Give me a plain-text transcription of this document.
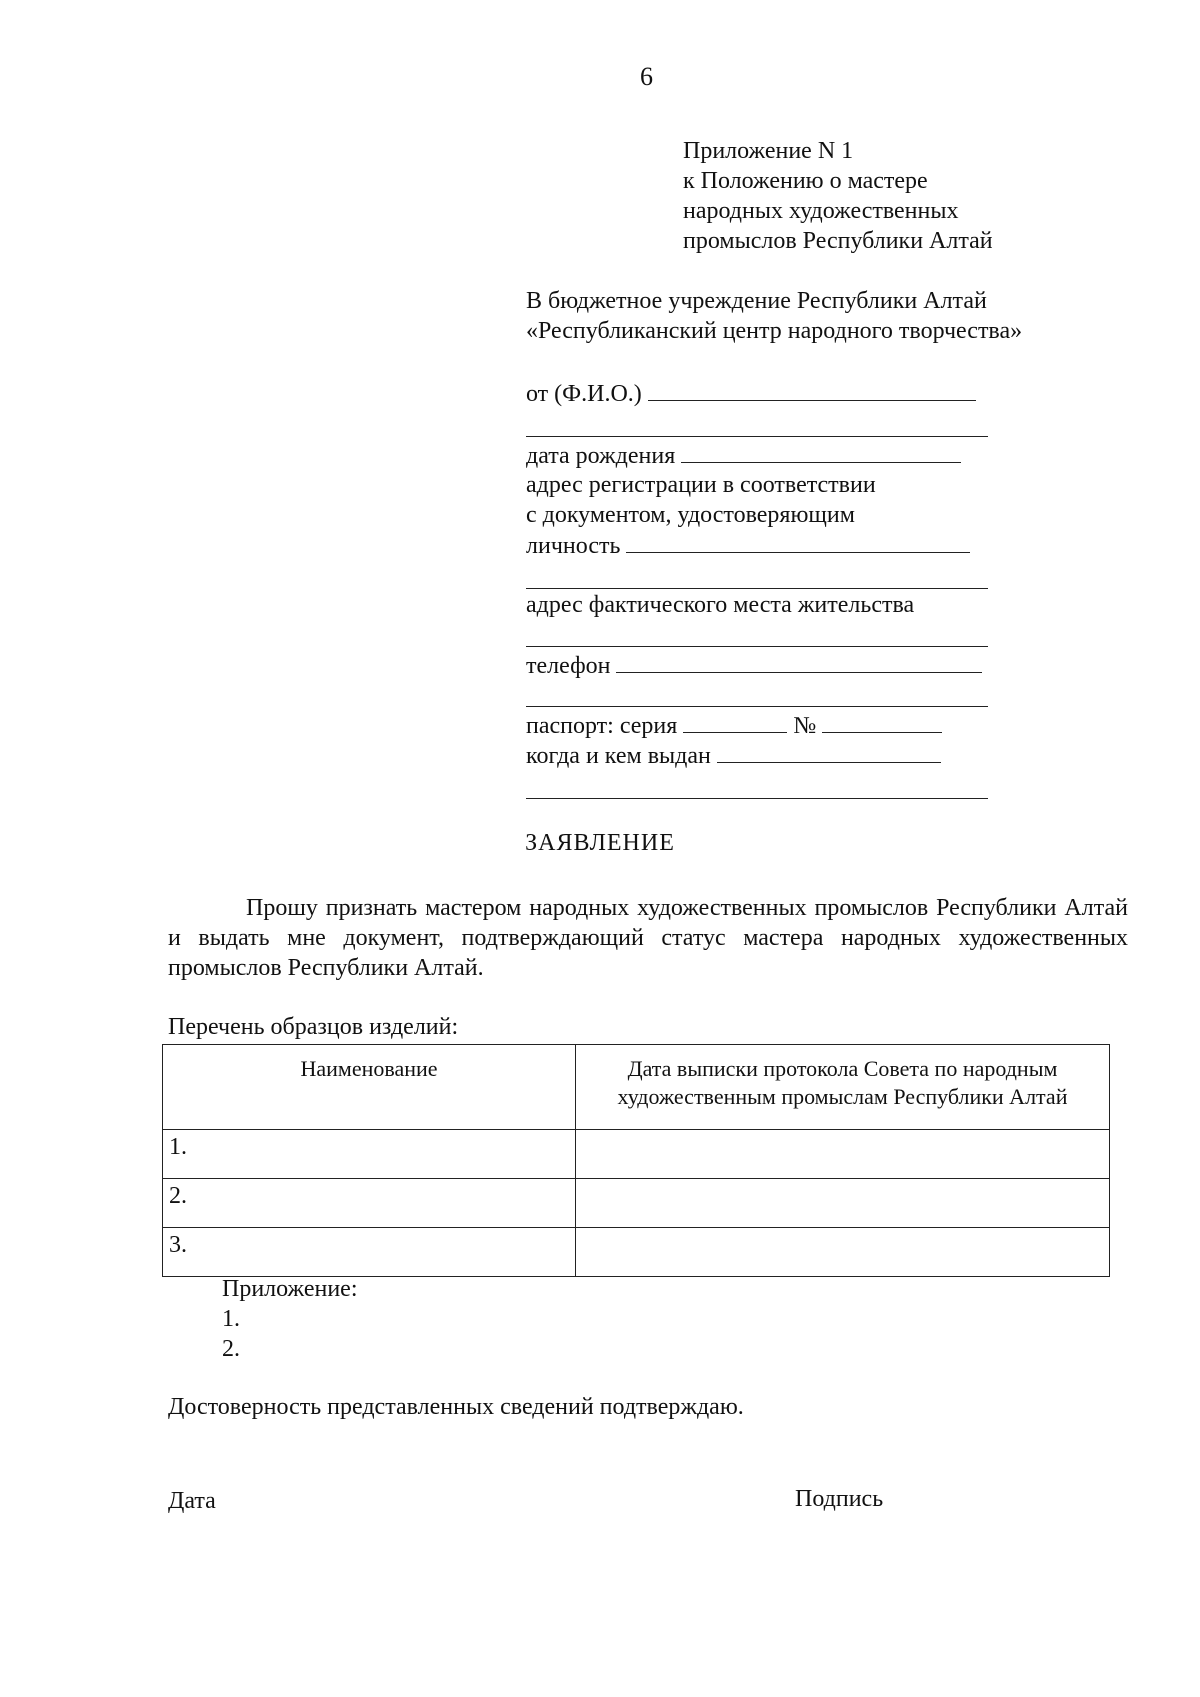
6
Приложение N 1
к Положению о мастере
народных художественных
промыслов Республики Алтай
В бюджетное учреждение Республики Алтай
«Республиканский центр народного творчества»
от (Ф.И.О.)
дата рождения
адрес регистрации в соответствии
с документом, удостоверяющим
личность
адрес фактического места жительства
телефон
паспорт: серия	№
когда и кем выдан
ЗАЯВЛЕНИЕ
Прошу признать мастером народных художественных промыслов Республики Алтай и выдать мне документ, подтверждающий статус мастера народных художественных промыслов Республики Алтай.
Перечень образцов изделий:
Наименование	Дата выписки протокола Совета по народным художественным промыслам Республики Алтай
1.	
2.	
3.	
Приложение:
1.
2.
Достоверность представленных сведений подтверждаю.
Дата	Подпись
